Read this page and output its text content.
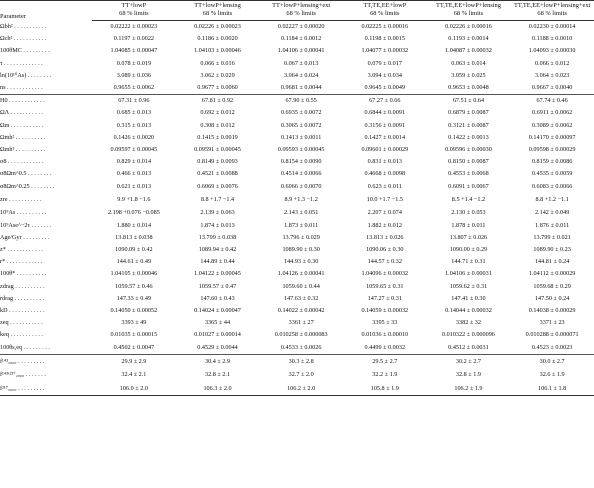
Parameter	TT+lowP	TT+lowP+lensing	TT+lowP+lensing+ext	TT,TE,EE+lowP	TT,TE,EE+lowP+lensing	TT,TE,EE+lowP+lensing+ext
	68 % limits	68 % limits	68 % limits	68 % limits	68 % limits	68 % limits
Ωbh² . . . . . . . . . . .	0.02222 ± 0.00023	0.02226 ± 0.00023	0.02227 ± 0.00020	0.02225 ± 0.00016	0.02226 ± 0.00016	0.02230 ± 0.00014
Ωch² . . . . . . . . . . .	0.1197 ± 0.0022	0.1186 ± 0.0020	0.1184 ± 0.0012	0.1198 ± 0.0015	0.1193 ± 0.0014	0.1188 ± 0.0010
100θMC . . . . . . . . .	1.04085 ± 0.00047	1.04103 ± 0.00046	1.04106 ± 0.00041	1.04077 ± 0.00032	1.04087 ± 0.00032	1.04093 ± 0.00030
τ . . . . . . . . . . . . .	0.078 ± 0.019	0.066 ± 0.016	0.067 ± 0.013	0.079 ± 0.017	0.063 ± 0.014	0.066 ± 0.012
ln(10¹⁰As) . . . . . . . .	3.089 ± 0.036	3.062 ± 0.029	3.064 ± 0.024	3.094 ± 0.034	3.059 ± 0.025	3.064 ± 0.023
ns . . . . . . . . . . . .	0.9655 ± 0.0062	0.9677 ± 0.0060	0.9681 ± 0.0044	0.9645 ± 0.0049	0.9653 ± 0.0048	0.9667 ± 0.0040
H0 . . . . . . . . . . . .	67.31 ± 0.96	67.81 ± 0.92	67.90 ± 0.55	67.27 ± 0.66	67.51 ± 0.64	67.74 ± 0.46
ΩΛ . . . . . . . . . . .	0.685 ± 0.013	0.692 ± 0.012	0.6935 ± 0.0072	0.6844 ± 0.0091	0.6879 ± 0.0087	0.6911 ± 0.0062
Ωm . . . . . . . . . . .	0.315 ± 0.013	0.308 ± 0.012	0.3065 ± 0.0072	0.3156 ± 0.0091	0.3121 ± 0.0087	0.3089 ± 0.0062
Ωmh² . . . . . . . . . .	0.1426 ± 0.0020	0.1415 ± 0.0019	0.1413 ± 0.0011	0.1427 ± 0.0014	0.1422 ± 0.0013	0.14170 ± 0.00097
Ωmh³ . . . . . . . . . .	0.09597 ± 0.00045	0.09591 ± 0.00045	0.09593 ± 0.00045	0.09601 ± 0.00029	0.09596 ± 0.00030	0.09598 ± 0.00029
σ8 . . . . . . . . . . . .	0.829 ± 0.014	0.8149 ± 0.0093	0.8154 ± 0.0090	0.831 ± 0.013	0.8150 ± 0.0087	0.8159 ± 0.0086
σ8Ωm^0.5 . . . . . . . .	0.466 ± 0.013	0.4521 ± 0.0088	0.4514 ± 0.0066	0.4668 ± 0.0098	0.4553 ± 0.0068	0.4535 ± 0.0059
σ8Ωm^0.25 . . . . . . . .	0.621 ± 0.013	0.6069 ± 0.0076	0.6066 ± 0.0070	0.623 ± 0.011	0.6091 ± 0.0067	0.6083 ± 0.0066
zre . . . . . . . . . . .	9.9 +1.8 −1.6	8.8 +1.7 −1.4	8.9 +1.3 −1.2	10.0 +1.7 −1.5	8.5 +1.4 −1.2	8.8 +1.2 −1.1
10⁹As . . . . . . . . . .	2.198 +0.076 −0.085	2.139 ± 0.063	2.143 ± 0.051	2.207 ± 0.074	2.130 ± 0.053	2.142 ± 0.049
10⁹Ase^−2τ . . . . . . .	1.880 ± 0.014	1.874 ± 0.013	1.873 ± 0.011	1.882 ± 0.012	1.878 ± 0.011	1.876 ± 0.011
Age/Gyr . . . . . . . . .	13.813 ± 0.038	13.799 ± 0.038	13.796 ± 0.029	13.813 ± 0.026	13.807 ± 0.026	13.799 ± 0.021
z* . . . . . . . . . . . .	1090.09 ± 0.42	1089.94 ± 0.42	1089.90 ± 0.30	1090.06 ± 0.30	1090.00 ± 0.29	1089.90 ± 0.23
r* . . . . . . . . . . . .	144.61 ± 0.49	144.89 ± 0.44	144.93 ± 0.30	144.57 ± 0.32	144.71 ± 0.31	144.81 ± 0.24
100θ* . . . . . . . . . .	1.04105 ± 0.00046	1.04122 ± 0.00045	1.04126 ± 0.00041	1.04096 ± 0.00032	1.04106 ± 0.00031	1.04112 ± 0.00029
zdrag . . . . . . . . . .	1059.57 ± 0.46	1059.57 ± 0.47	1059.60 ± 0.44	1059.65 ± 0.31	1059.62 ± 0.31	1059.68 ± 0.29
rdrag . . . . . . . . . .	147.33 ± 0.49	147.60 ± 0.43	147.63 ± 0.32	147.27 ± 0.31	147.41 ± 0.30	147.50 ± 0.24
kD . . . . . . . . . . . .	0.14050 ± 0.00052	0.14024 ± 0.00047	0.14022 ± 0.00042	0.14059 ± 0.00032	0.14044 ± 0.00032	0.14038 ± 0.00029
zeq . . . . . . . . . . .	3393 ± 49	3365 ± 44	3361 ± 27	3395 ± 33	3382 ± 32	3371 ± 23
keq . . . . . . . . . . .	0.01035 ± 0.00015	0.01027 ± 0.00014	0.010258 ± 0.000083	0.01036 ± 0.00010	0.010322 ± 0.000096	0.010288 ± 0.000071
100θs,eq . . . . . . . . .	0.4502 ± 0.0047	0.4529 ± 0.0044	0.4533 ± 0.0026	0.4499 ± 0.0032	0.4512 ± 0.0031	0.4523 ± 0.0023
f¹⁴³₂₀₀₀ . . . . . . . . .	29.9 ± 2.9	30.4 ± 2.9	30.3 ± 2.8	29.5 ± 2.7	30.2 ± 2.7	30.0 ± 2.7
f¹⁴³ˣ²¹⁷₂₀₀₀ . . . . . . .	32.4 ± 2.1	32.8 ± 2.1	32.7 ± 2.0	32.2 ± 1.9	32.8 ± 1.9	32.6 ± 1.9
f²¹⁷₂₀₀₀ . . . . . . . . .	106.0 ± 2.0	106.3 ± 2.0	106.2 ± 2.0	105.8 ± 1.9	106.2 ± 1.9	106.1 ± 1.8
